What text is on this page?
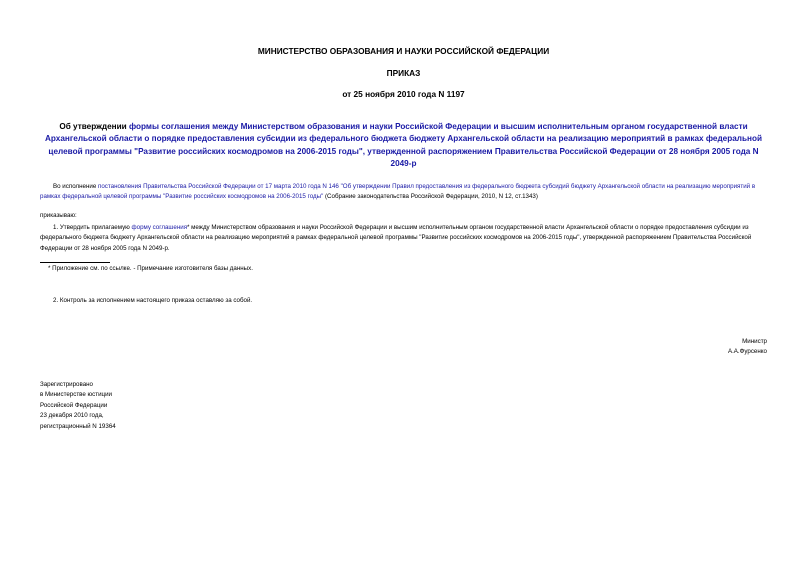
МИНИСТЕРСТВО ОБРАЗОВАНИЯ И НАУКИ РОССИЙСКОЙ ФЕДЕРАЦИИ
ПРИКАЗ
от 25 ноября 2010 года N 1197
Об утверждении формы соглашения между Министерством образования и науки Российской Федерации и высшим исполнительным органом государственной власти Архангельской области о порядке предоставления субсидии из федерального бюджета бюджету Архангельской области на реализацию мероприятий в рамках федеральной целевой программы "Развитие российских космодромов на 2006-2015 годы", утвержденной распоряжением Правительства Российской Федерации от 28 ноября 2005 года N 2049-р
Во исполнение постановления Правительства Российской Федерации от 17 марта 2010 года N 146 "Об утверждении Правил предоставления из федерального бюджета субсидий бюджету Архангельской области на реализацию мероприятий в рамках федеральной целевой программы "Развитие российских космодромов на 2006-2015 годы" (Собрание законодательства Российской Федерации, 2010, N 12, ст.1343)
приказываю:
1. Утвердить прилагаемую форму соглашения* между Министерством образования и науки Российской Федерации и высшим исполнительным органом государственной власти Архангельской области о порядке предоставления субсидии из федерального бюджета бюджету Архангельской области на реализацию мероприятий в рамках федеральной целевой программы "Развитие российских космодромов на 2006-2015 годы", утвержденной распоряжением Правительства Российской Федерации от 28 ноября 2005 года N 2049-р.
* Приложение см. по ссылке. - Примечание изготовителя базы данных.
2. Контроль за исполнением настоящего приказа оставляю за собой.
Министр
А.А.Фурсенко
Зарегистрировано
в Министерстве юстиции
Российской Федерации
23 декабря 2010 года,
регистрационный N 19364
